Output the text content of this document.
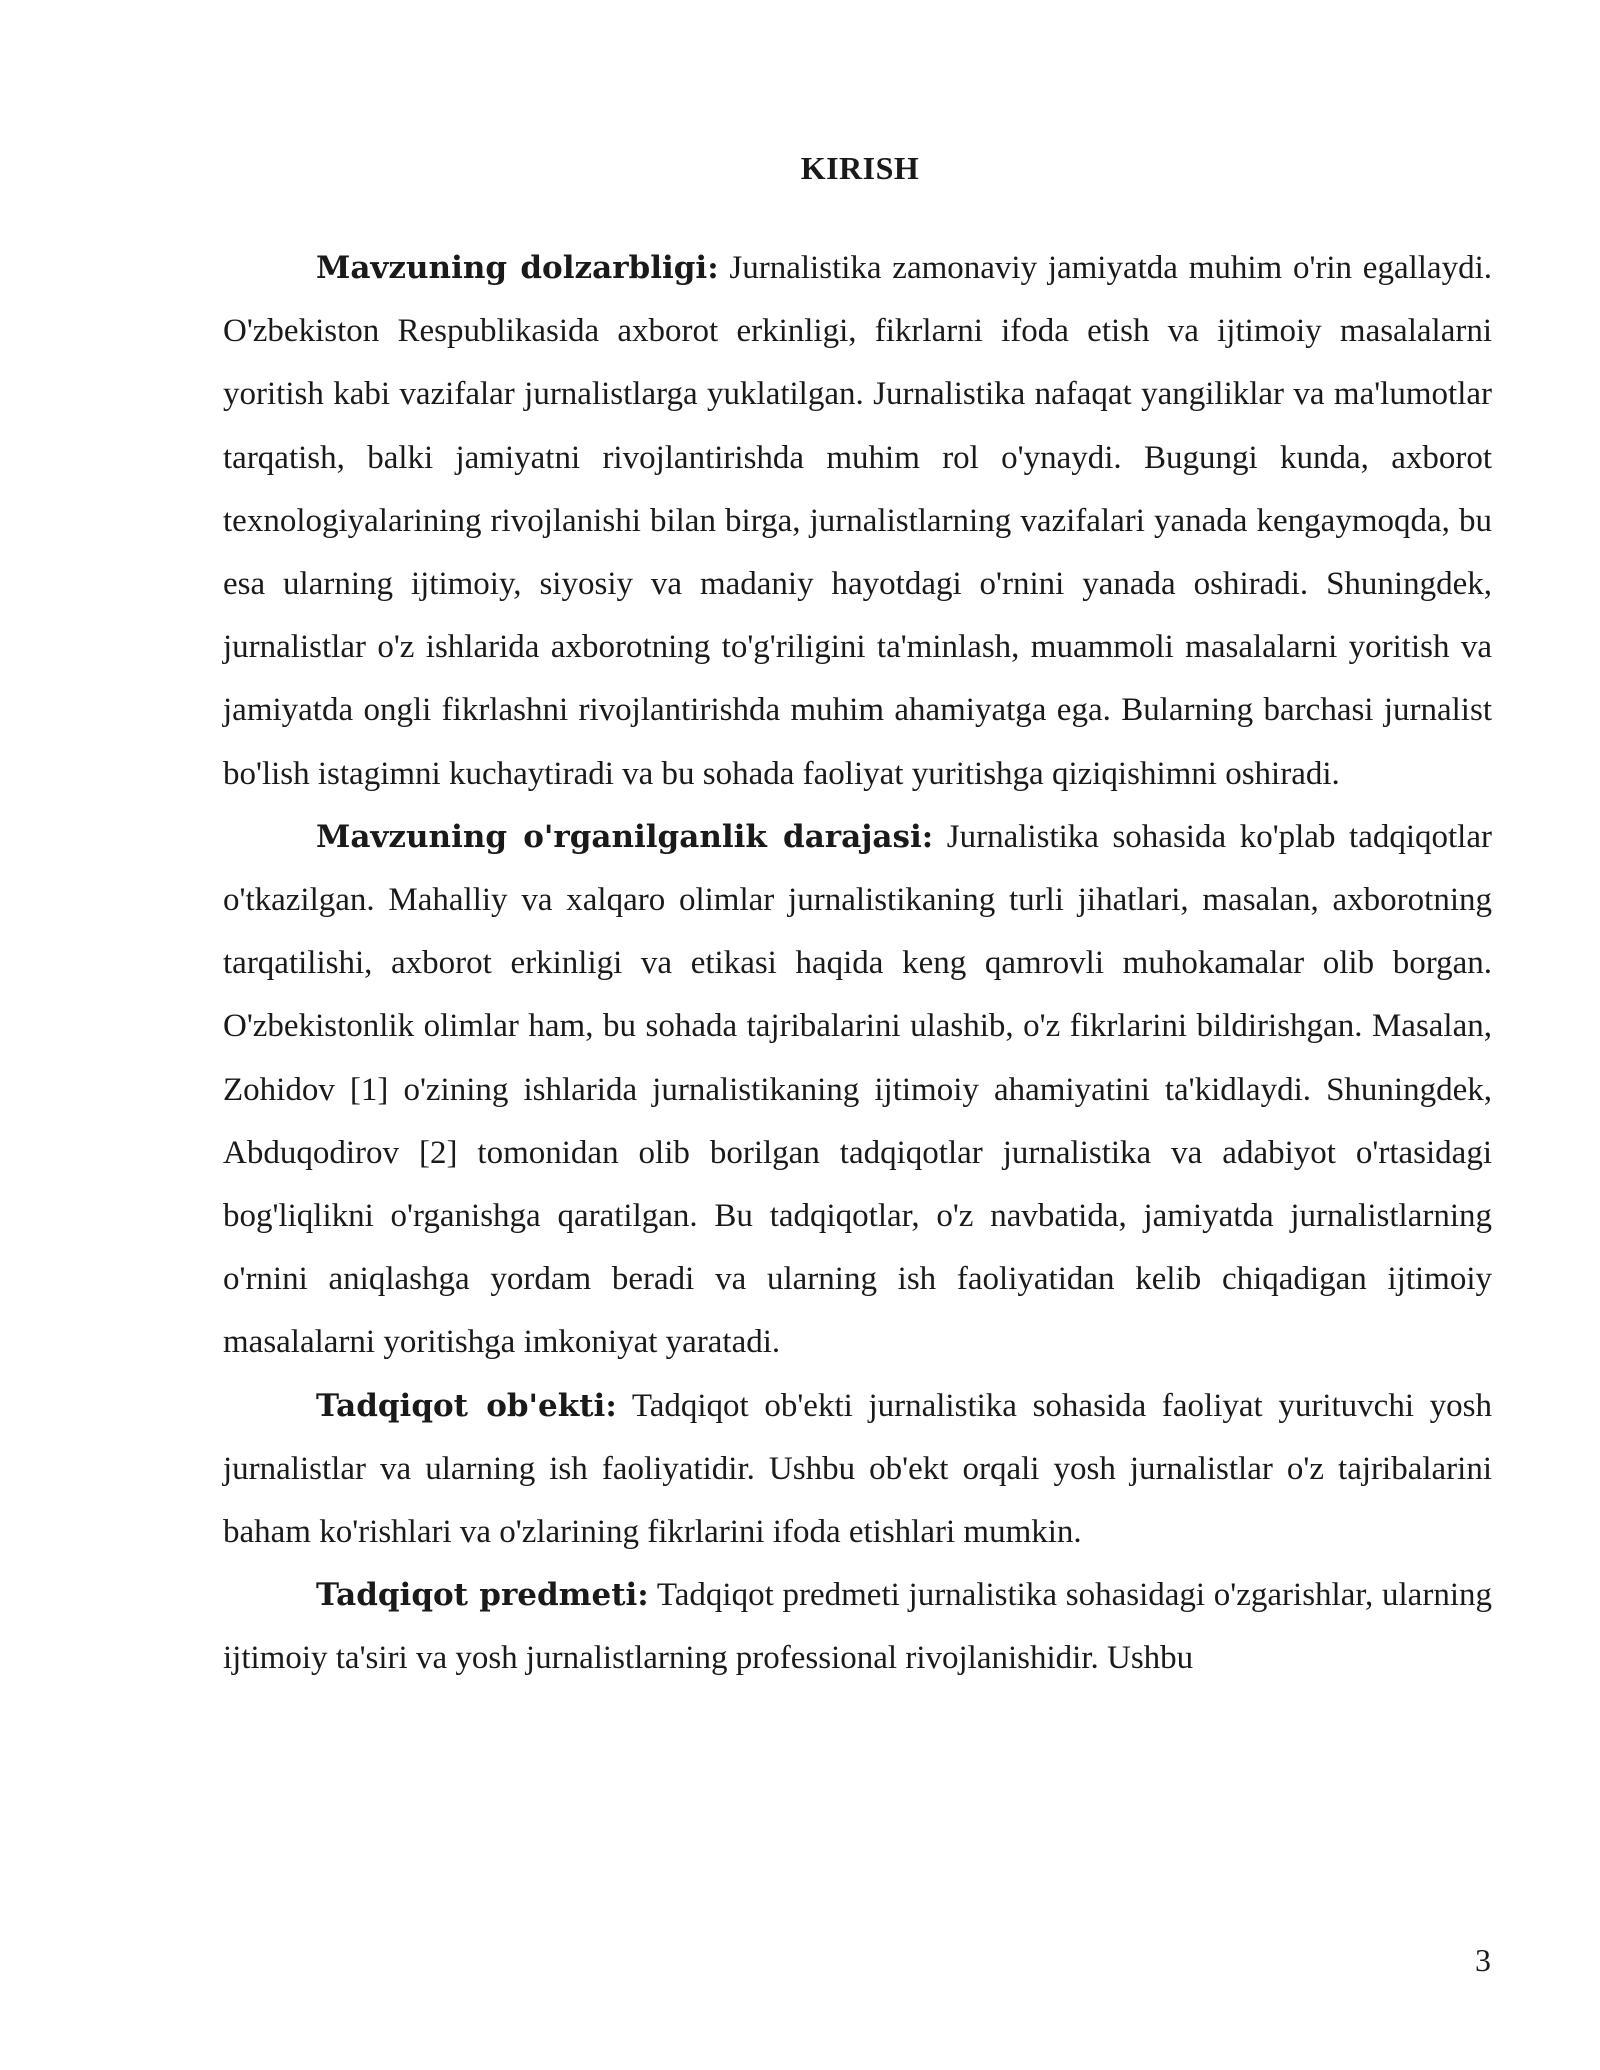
KIRISH

Mavzuning dolzarbligi: Jurnalistika zamonaviy jamiyatda muhim o'rin egallaydi. O'zbekiston Respublikasida axborot erkinligi, fikrlarni ifoda etish va ijtimoiy masalalarni yoritish kabi vazifalar jurnalistlarga yuklatilgan. Jurnalistika nafaqat yangiliklar va ma'lumotlar tarqatish, balki jamiyatni rivojlantirishda muhim rol o'ynaydi. Bugungi kunda, axborot texnologiyalarining rivojlanishi bilan birga, jurnalistlarning vazifalari yanada kengaymoqda, bu esa ularning ijtimoiy, siyosiy va madaniy hayotdagi o'rnini yanada oshiradi. Shuningdek, jurnalistlar o'z ishlarida axborotning to'g'riligini ta'minlash, muammoli masalalarni yoritish va jamiyatda ongli fikrlashni rivojlantirishda muhim ahamiyatga ega. Bularning barchasi jurnalist bo'lish istagimni kuchaytiradi va bu sohada faoliyat yuritishga qiziqishimni oshiradi.

Mavzuning o'rganilganlik darajasi: Jurnalistika sohasida ko'plab tadqiqotlar o'tkazilgan. Mahalliy va xalqaro olimlar jurnalistikaning turli jihatlari, masalan, axborotning tarqatilishi, axborot erkinligi va etikasi haqida keng qamrovli muhokamalar olib borgan. O'zbekistonlik olimlar ham, bu sohada tajribalarini ulashib, o'z fikrlarini bildirishgan. Masalan, Zohidov [1] o'zining ishlarida jurnalistikaning ijtimoiy ahamiyatini ta'kidlaydi. Shuningdek, Abduqodirov [2] tomonidan olib borilgan tadqiqotlar jurnalistika va adabiyot o'rtasidagi bog'liqlikni o'rganishga qaratilgan. Bu tadqiqotlar, o'z navbatida, jamiyatda jurnalistlarning o'rnini aniqlashga yordam beradi va ularning ish faoliyatidan kelib chiqadigan ijtimoiy masalalarni yoritishga imkoniyat yaratadi.

Tadqiqot ob'ekti: Tadqiqot ob'ekti jurnalistika sohasida faoliyat yurituvchi yosh jurnalistlar va ularning ish faoliyatidir. Ushbu ob'ekt orqali yosh jurnalistlar o'z tajribalarini baham ko'rishlari va o'zlarining fikrlarini ifoda etishlari mumkin.

Tadqiqot predmeti: Tadqiqot predmeti jurnalistika sohasidagi o'zgarishlar, ularning ijtimoiy ta'siri va yosh jurnalistlarning professional rivojlanishidir. Ushbu

3
